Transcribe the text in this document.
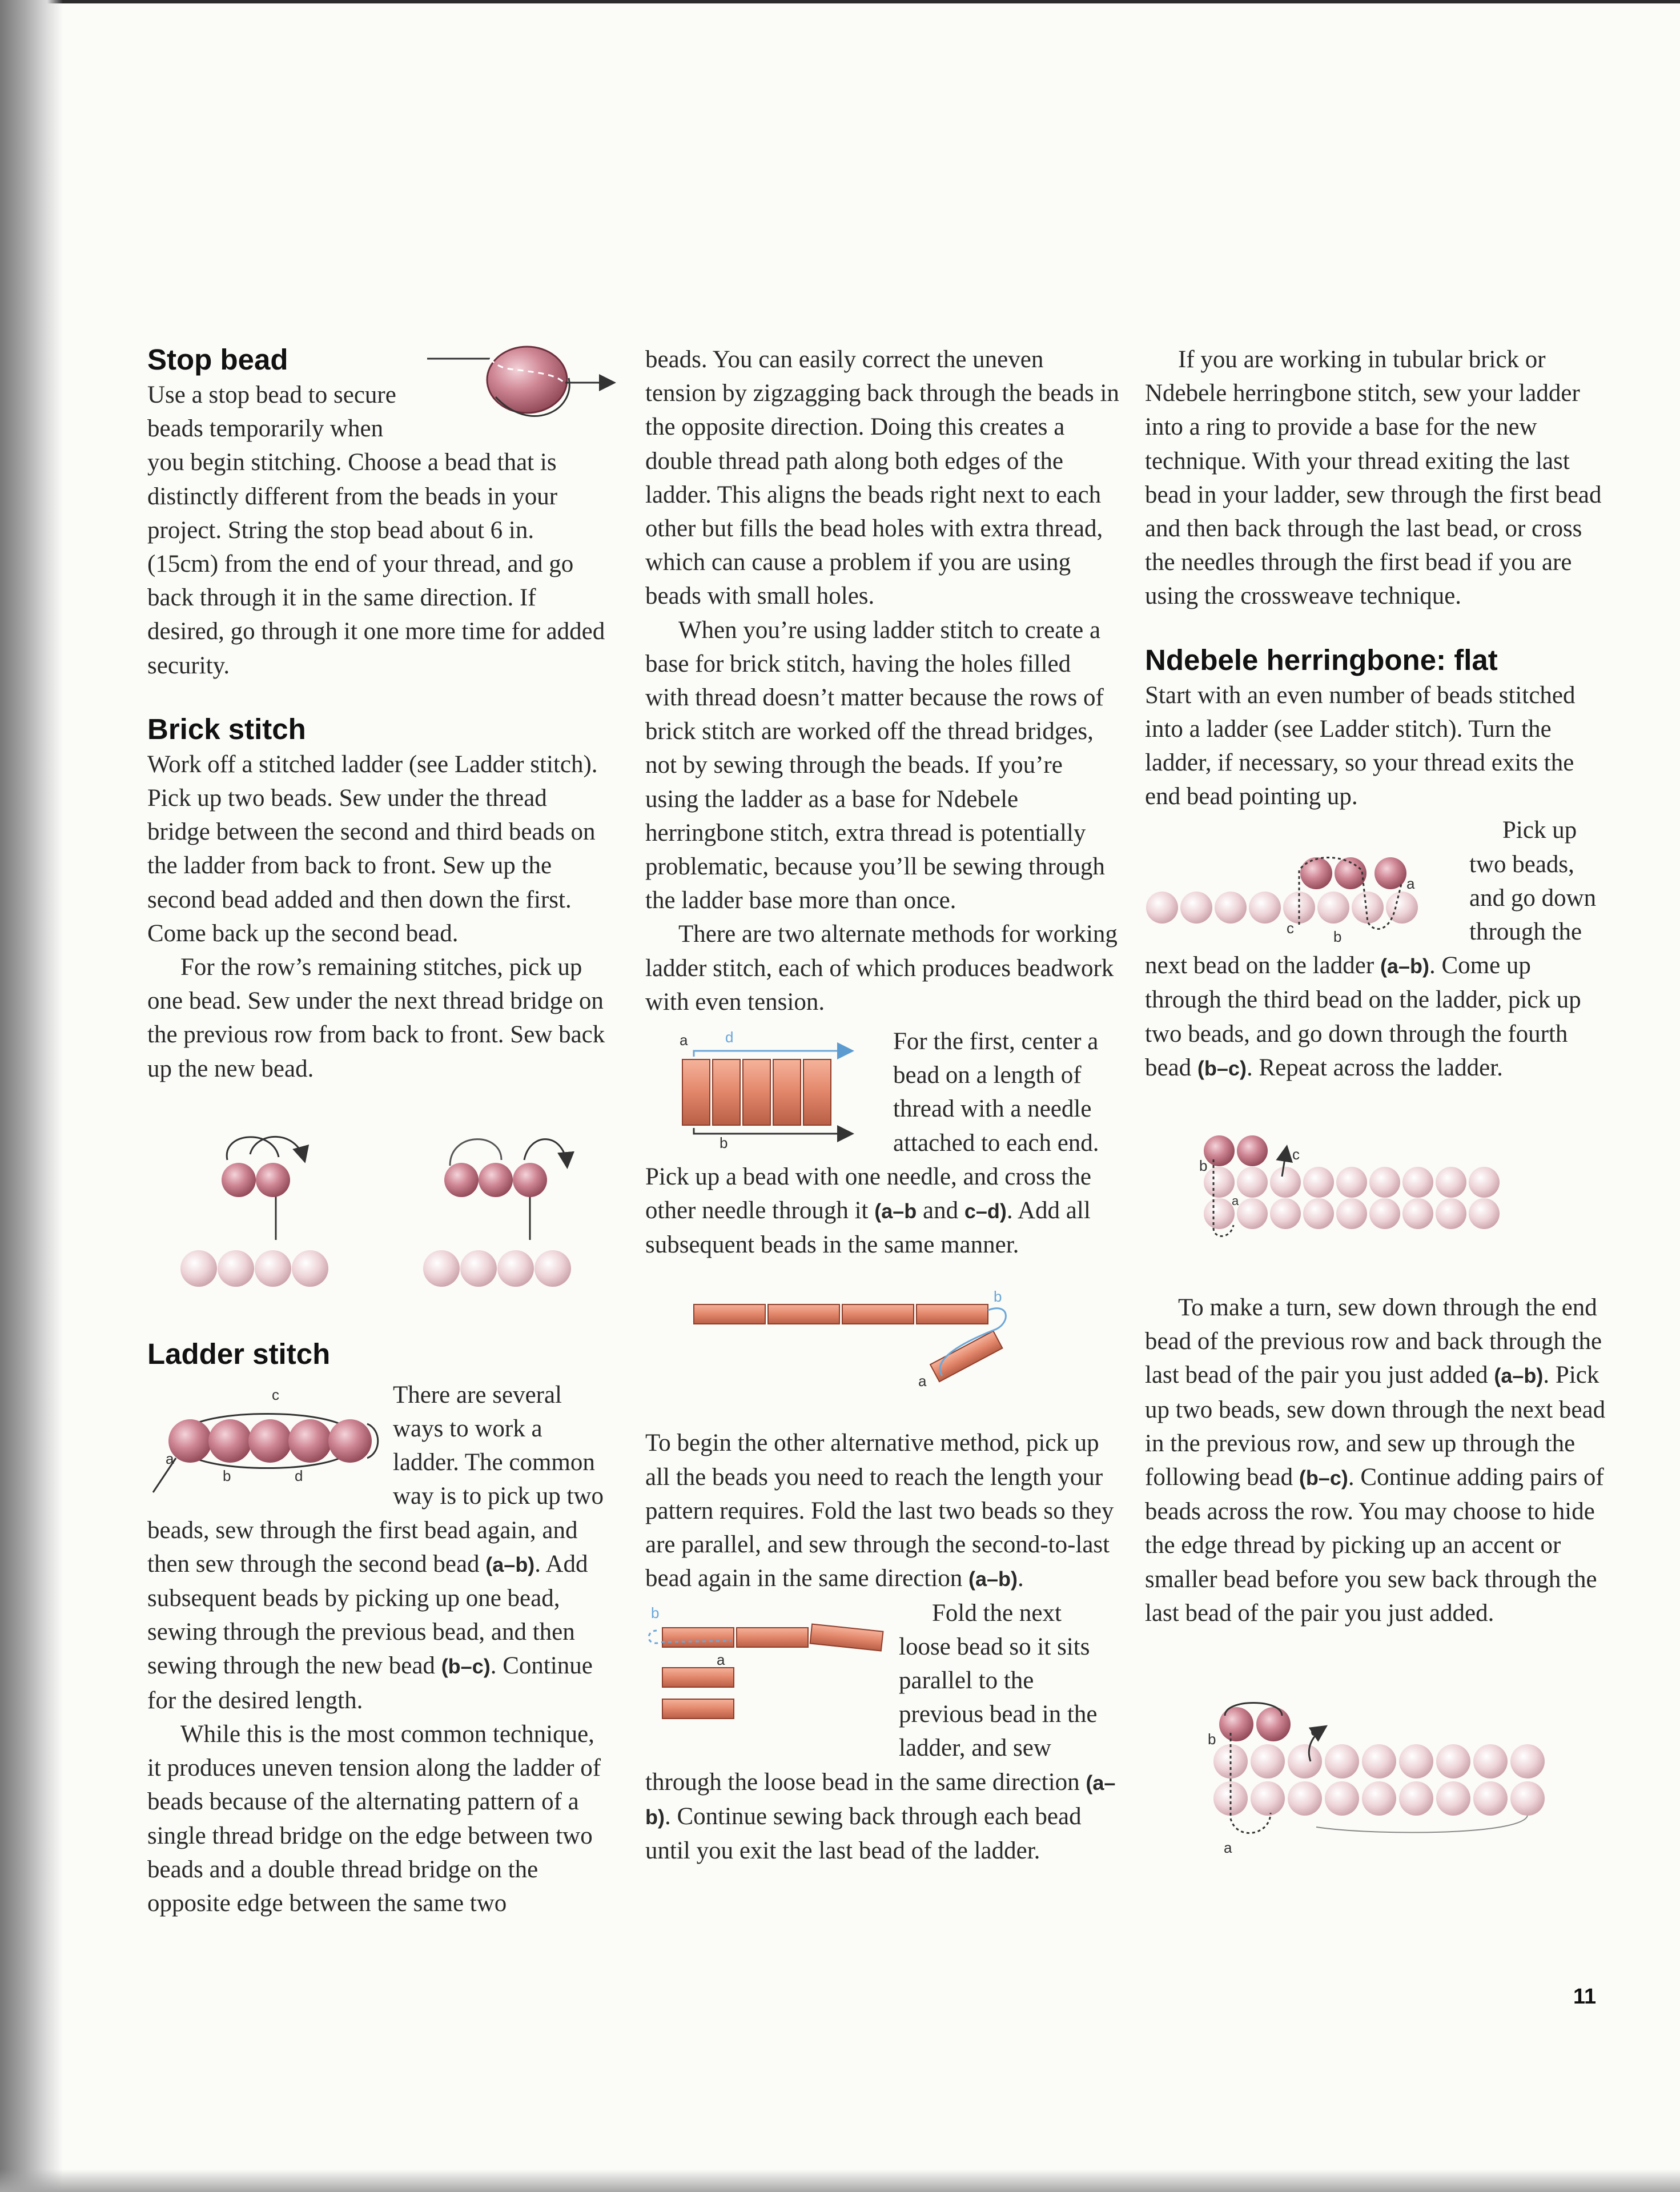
Stop bead

Use a stop bead to secure beads temporarily when you begin stitching. Choose a bead that is distinctly different from the beads in your project. String the stop bead about 6 in. (15cm) from the end of your thread, and go back through it in the same direction. If desired, go through it one more time for added security.

Brick stitch

Work off a stitched ladder (see Ladder stitch). Pick up two beads. Sew under the thread bridge between the second and third beads on the ladder from back to front. Sew up the second bead added and then down the first. Come back up the second bead.

For the row’s remaining stitches, pick up one bead. Sew under the next thread bridge on the previous row from back to front. Sew back up the new bead.

Ladder stitch
a
b
c
d

There are several ways to work a ladder. The common way is to pick up two beads, sew through the first bead again, and then sew through the second bead (a–b). Add subsequent beads by picking up one bead, sewing through the previous bead, and then sewing through the new bead (b–c). Continue for the desired length.

While this is the most common technique, it produces uneven tension along the ladder of beads because of the alternating pattern of a single thread bridge on the edge between two beads and a double thread bridge on the opposite edge between the same two

beads. You can easily correct the uneven tension by zigzagging back through the beads in the opposite direction. Doing this creates a double thread path along both edges of the ladder. This aligns the beads right next to each other but fills the bead holes with extra thread, which can cause a problem if you are using beads with small holes.

When you’re using ladder stitch to create a base for brick stitch, having the holes filled with thread doesn’t matter because the rows of brick stitch are worked off the thread bridges, not by sewing through the beads. If you’re using the ladder as a base for Ndebele herringbone stitch, extra thread is potentially problematic, because you’ll be sewing through the ladder base more than once.

There are two alternate methods for working ladder stitch, each of which produces beadwork with even tension.

a	d
b

For the first, center a bead on a length of thread with a needle attached to each end. Pick up a bead with one needle, and cross the other needle through it (a–b and c–d). Add all subsequent beads in the same manner.

b
a

To begin the other alternative method, pick up all the beads you need to reach the length your pattern requires. Fold the last two beads so they are parallel, and sew through the second-to-last bead again in the same direction (a–b).

b
a

Fold the next loose bead so it sits parallel to the previous bead in the ladder, and sew through the loose bead in the same direction (a–b). Continue sewing back through each bead until you exit the last bead of the ladder.

If you are working in tubular brick or Ndebele herringbone stitch, sew your ladder into a ring to provide a base for the new technique. With your thread exiting the last bead in your ladder, sew through the first bead and then back through the last bead, or cross the needles through the first bead if you are using the crossweave technique.

Ndebele herringbone: flat

Start with an even number of beads stitched into a ladder (see Ladder stitch). Turn the ladder, if necessary, so your thread exits the end bead pointing up.

a
b
c

Pick up two beads, and go down through the next bead on the ladder (a–b). Come up through the third bead on the ladder, pick up two beads, and go down through the fourth bead (b–c). Repeat across the ladder.

b
c
a

To make a turn, sew down through the end bead of the previous row and back through the last bead of the pair you just added (a–b). Pick up two beads, sew down through the next bead in the previous row, and sew up through the following bead (b–c). Continue adding pairs of beads across the row. You may choose to hide the edge thread by picking up an accent or smaller bead before you sew back through the last bead of the pair you just added.

b	c
a
11
